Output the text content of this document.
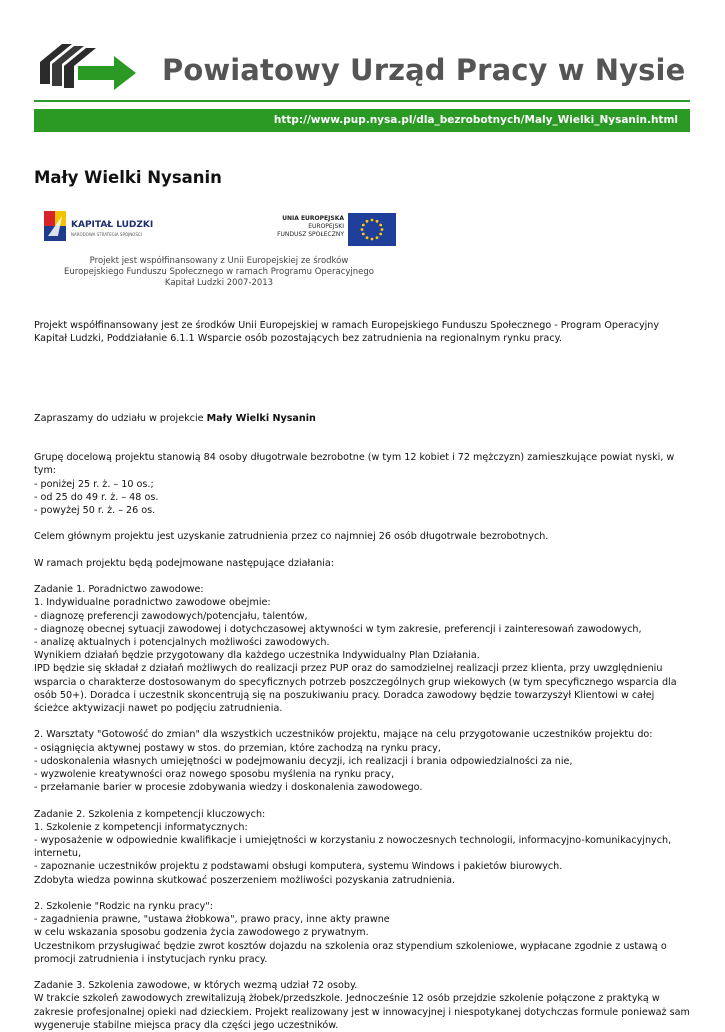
Powiatowy Urząd Pracy w Nysie
http://www.pup.nysa.pl/dla_bezrobotnych/Maly_Wielki_Nysanin.html
Mały Wielki Nysanin
KAPITAŁ LUDZKI
NARODOWA STRATEGIA SPÓJNOŚCI
UNIA EUROPEJSKA
EUROPEJSKI
FUNDUSZ SPOŁECZNY
Projekt jest współfinansowany z Unii Europejskiej ze środków
Europejskiego Funduszu Społecznego w ramach Programu Operacyjnego
Kapitał Ludzki 2007-2013

Projekt współfinansowany jest ze środków Unii Europejskiej w ramach Europejskiego Funduszu Społecznego - Program Operacyjny Kapitał Ludzki, Poddziałanie 6.1.1 Wsparcie osób pozostających bez zatrudnienia na regionalnym rynku pracy.

Zapraszamy do udziału w projekcie Mały Wielki Nysanin

Grupę docelową projektu stanowią 84 osoby długotrwale bezrobotne (w tym 12 kobiet i 72 mężczyzn) zamieszkujące powiat nyski, w tym:

- poniżej 25 r. ż. – 10 os.;
- od 25 do 49 r. ż. – 48 os.
- powyżej 50 r. ż. – 26 os.

Celem głównym projektu jest uzyskanie zatrudnienia przez co najmniej 26 osób długotrwale bezrobotnych.

W ramach projektu będą podejmowane następujące działania:

Zadanie 1. Poradnictwo zawodowe:
1. Indywidualne poradnictwo zawodowe obejmie:
- diagnozę preferencji zawodowych/potencjału, talentów,
- diagnozę obecnej sytuacji zawodowej i dotychczasowej aktywności w tym zakresie, preferencji i zainteresowań zawodowych,
- analizę aktualnych i potencjalnych możliwości zawodowych.
Wynikiem działań będzie przygotowany dla każdego uczestnika Indywidualny Plan Działania.
IPD będzie się składał z działań możliwych do realizacji przez PUP oraz do samodzielnej realizacji przez klienta, przy uwzględnieniu wsparcia o charakterze dostosowanym do specyficznych potrzeb poszczególnych grup wiekowych (w tym specyficznego wsparcia dla osób 50+). Doradca i uczestnik skoncentrują się na poszukiwaniu pracy. Doradca zawodowy będzie towarzyszył Klientowi w całej ścieżce aktywizacji nawet po podjęciu zatrudnienia.
2. Warsztaty "Gotowość do zmian" dla wszystkich uczestników projektu, mające na celu przygotowanie uczestników projektu do:
- osiągnięcia aktywnej postawy w stos. do przemian, które zachodzą na rynku pracy,
- udoskonalenia własnych umiejętności w podejmowaniu decyzji, ich realizacji i brania odpowiedzialności za nie,
- wyzwolenie kreatywności oraz nowego sposobu myślenia na rynku pracy,
- przełamanie barier w procesie zdobywania wiedzy i doskonalenia zawodowego.
Zadanie 2. Szkolenia z kompetencji kluczowych:
1. Szkolenie z kompetencji informatycznych:
- wyposażenie w odpowiednie kwalifikacje i umiejętności w korzystaniu z nowoczesnych technologii, informacyjno-komunikacyjnych, internetu,
- zapoznanie uczestników projektu z podstawami obsługi komputera, systemu Windows i pakietów biurowych.
Zdobyta wiedza powinna skutkować poszerzeniem możliwości pozyskania zatrudnienia.
2. Szkolenie "Rodzic na rynku pracy":
- zagadnienia prawne, "ustawa żłobkowa", prawo pracy, inne akty prawne
w celu wskazania sposobu godzenia życia zawodowego z prywatnym.
Uczestnikom przysługiwać będzie zwrot kosztów dojazdu na szkolenia oraz stypendium szkoleniowe, wypłacane zgodnie z ustawą o promocji zatrudnienia i instytucjach rynku pracy.
Zadanie 3. Szkolenia zawodowe, w których wezmą udział 72 osoby.
W trakcie szkoleń zawodowych zrewitalizują żłobek/przedszkole. Jednocześnie 12 osób przejdzie szkolenie połączone z praktyką w zakresie profesjonalnej opieki nad dzieckiem. Projekt realizowany jest w innowacyjnej i niespotykanej dotychczas formule ponieważ sam wygeneruje stabilne miejsca pracy dla części jego uczestników.
